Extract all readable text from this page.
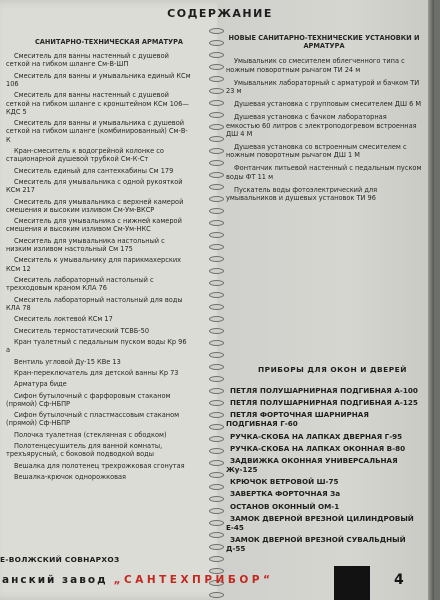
СОДЕРЖАНИЕ
САНИТАРНО-ТЕХНИЧЕСКАЯ АРМАТУРА
Смеситель для ванны настенный с душевой сеткой на гибком шланге См-В-ШП
Смеситель для ванны и умывальника единый КСм 106
Смеситель для ванны настенный с душевой сеткой на гибком шланге с кронштейном КСм 106—КДС 5
Смеситель для ванны и умывальника с душевой сеткой на гибком шланге (комбинированный) См-В-К
Кран-смеситель к водогрейной колонке со стационарной душевой трубкой См-К-Ст
Смеситель единый для сантехкабины См 179
Смеситель для умывальника с одной рукояткой КСм 217
Смеситель для умывальника с верхней камерой смешения и высоким изливом См-Ум-ВКСР
Смеситель для умывальника с нижней камерой смешения и высоким изливом См-Ум-НКС
Смеситель для умывальника настольный с низким изливом настольный См 175
Смеситель к умывальнику для парикмахерских КСм 12
Смеситель лабораторный настольный с трехходовым краном КЛА 76
Смеситель лабораторный настольный для воды КЛА 78
Смеситель локтевой КСм 17
Смеситель термостатический ТСВБ-50
Кран туалетный с педальным пуском воды Кр 96 а
Вентиль угловой Ду-15 КВе 13
Кран-переключатель для детской ванны Кр 73
Арматура биде
Сифон бутылочный с фарфоровым стаканом (прямой) Сф-НБПР
Сифон бутылочный с пластмассовым стаканом (прямой) Сф-НБПР
Полочка туалетная (стеклянная с ободком)
Полотенцесушитель для ванной комнаты, трехъярусный, с боковой подводкой воды
Вешалка для полотенец трехрожковая сгонутая
Вешалка-крючок однорожковая
НОВЫЕ САНИТАРНО-ТЕХНИЧЕСКИЕ УСТАНОВКИ И АРМАТУРА
Умывальник со смесителем облегченного типа с ножным поворотным рычагом ТИ 24 м
Умывальник лабораторный с арматурой и бачком ТИ 23 м
Душевая установка с групповым смесителем ДШ 6 М
Душевая установка с бачком лабораторная емкостью 60 литров с электроподогревом встроенная ДШ 4 М
Душевая установка со встроенным смесителем с ножным поворотным рычагом ДШ 1 М
Фонтанчик питьевой настенный с педальным пуском воды ФТ 11 м
Пускатель воды фотоэлектрический для умывальников и душевых установок ТИ 96
ПРИБОРЫ ДЛЯ ОКОН И ДВЕРЕЙ
ПЕТЛЯ ПОЛУШАРНИРНАЯ ПОДГИБНАЯ А-100
ПЕТЛЯ ПОЛУШАРНИРНАЯ ПОДГИБНАЯ А-125
ПЕТЛЯ ФОРТОЧНАЯ ШАРНИРНАЯ ПОДГИБНАЯ Г-60
РУЧКА-СКОБА НА ЛАПКАХ ДВЕРНАЯ Г-95
РУЧКА-СКОБА НА ЛАПКАХ ОКОННАЯ В-80
ЗАДВИЖКА ОКОННАЯ УНИВЕРСАЛЬНАЯ Жу-125
КРЮЧОК ВЕТРОВОЙ Ш-75
ЗАВЕРТКА ФОРТОЧНАЯ За
ОСТАНОВ ОКОННЫЙ ОМ-1
ЗАМОК ДВЕРНОЙ ВРЕЗНОЙ ЦИЛИНДРОВЫЙ Е-45
ЗАМОК ДВЕРНОЙ ВРЕЗНОЙ СУВАЛЬДНЫЙ Д-55
Е-ВОЛЖСКИЙ СОВНАРХОЗ
анский завод „САНТЕХПРИБОР“	4
